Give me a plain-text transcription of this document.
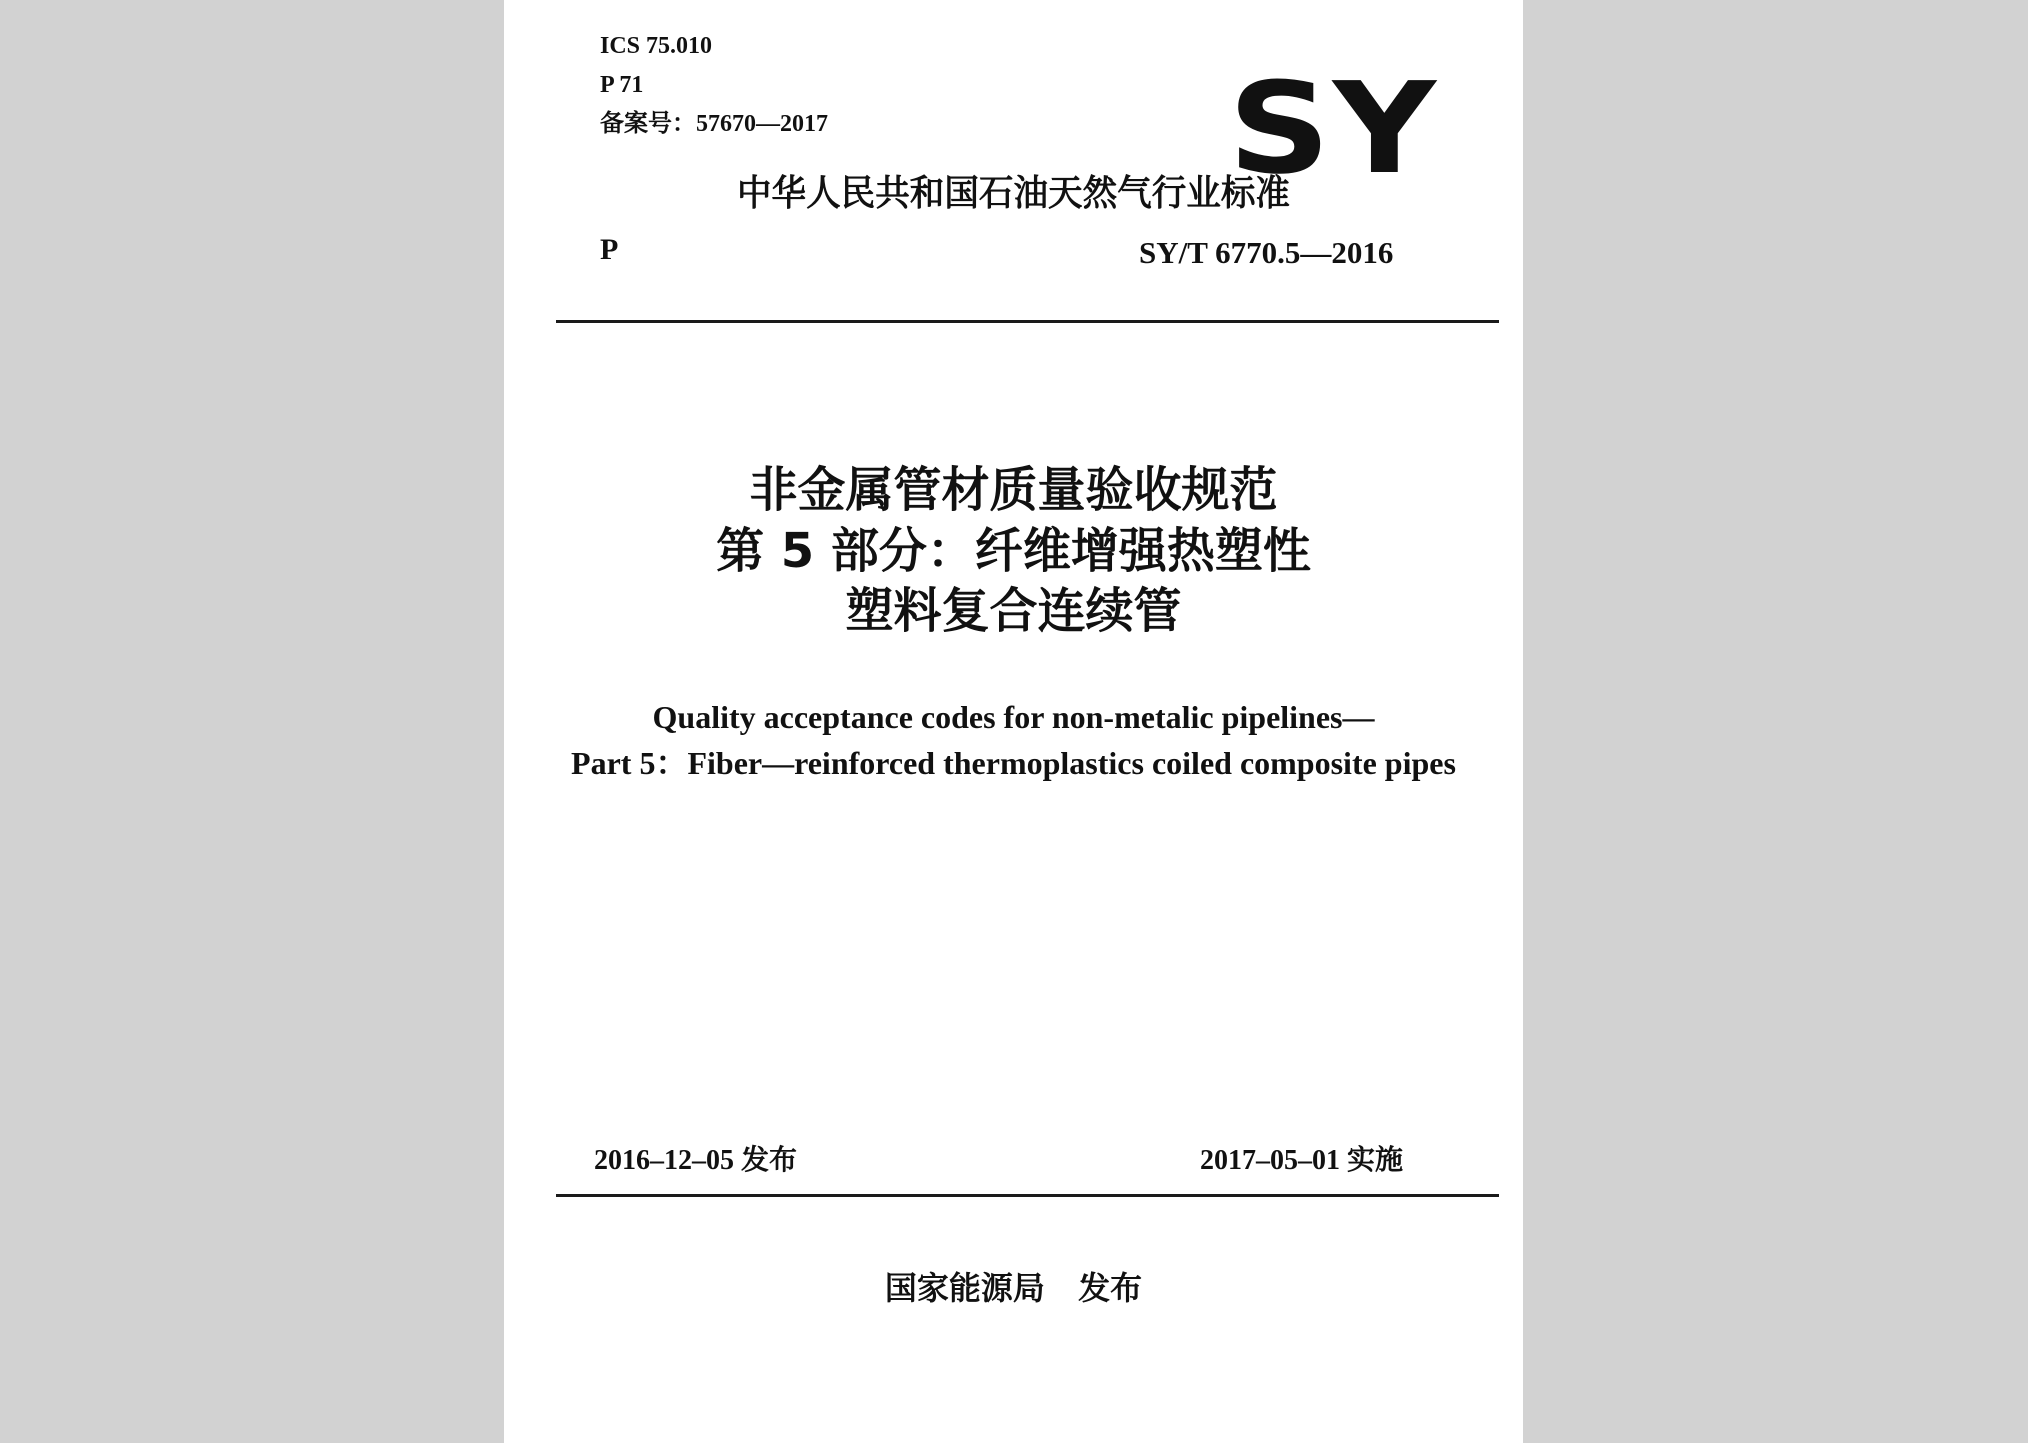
ICS 75.010
P 71
备案号：57670—2017	SY
中华人民共和国石油天然气行业标准
P	SY/T 6770.5—2016
非金属管材质量验收规范
第 5 部分：纤维增强热塑性
塑料复合连续管
Quality acceptance codes for non-metalic pipelines—
Part 5：Fiber—reinforced thermoplastics coiled composite pipes
2016–12–05 发布	2017–05–01 实施
国家能源局 发布
